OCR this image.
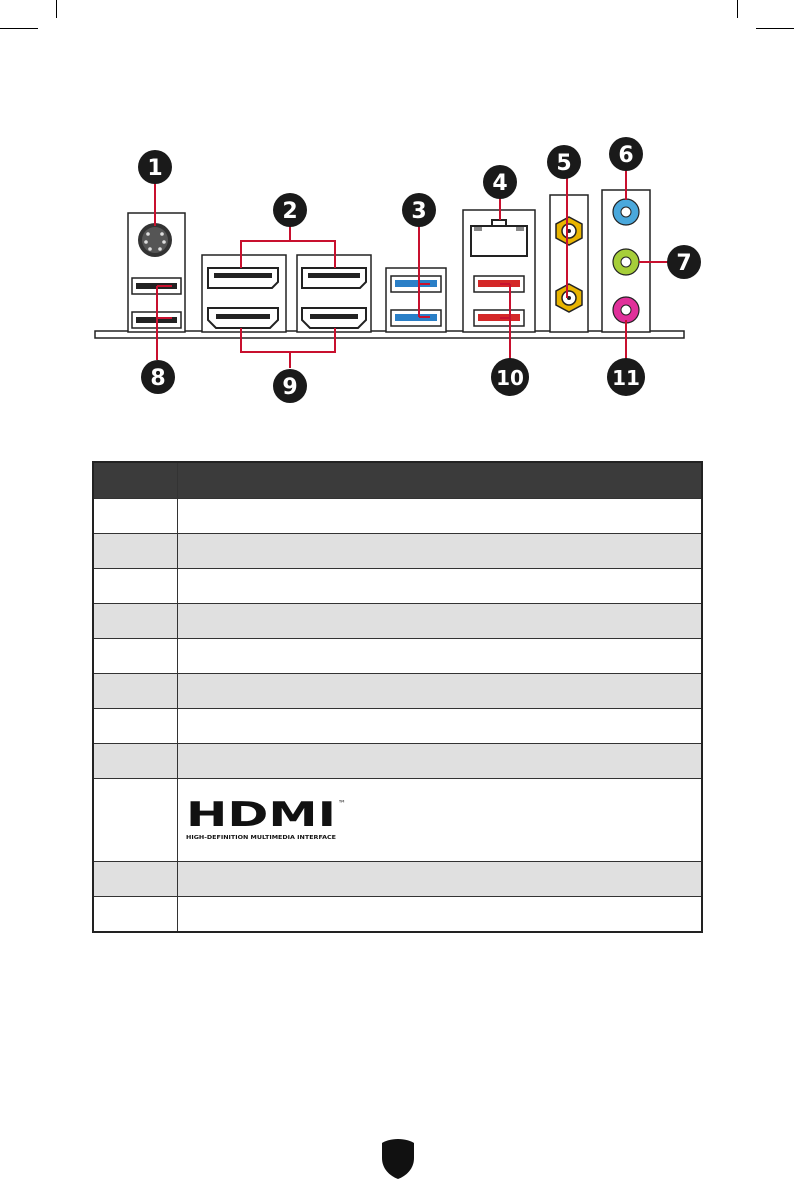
1
2	3
4
5 6
7
8	9	10	11

HDMI ™
HIGH-DEFINITION MULTIMEDIA INTERFACE
